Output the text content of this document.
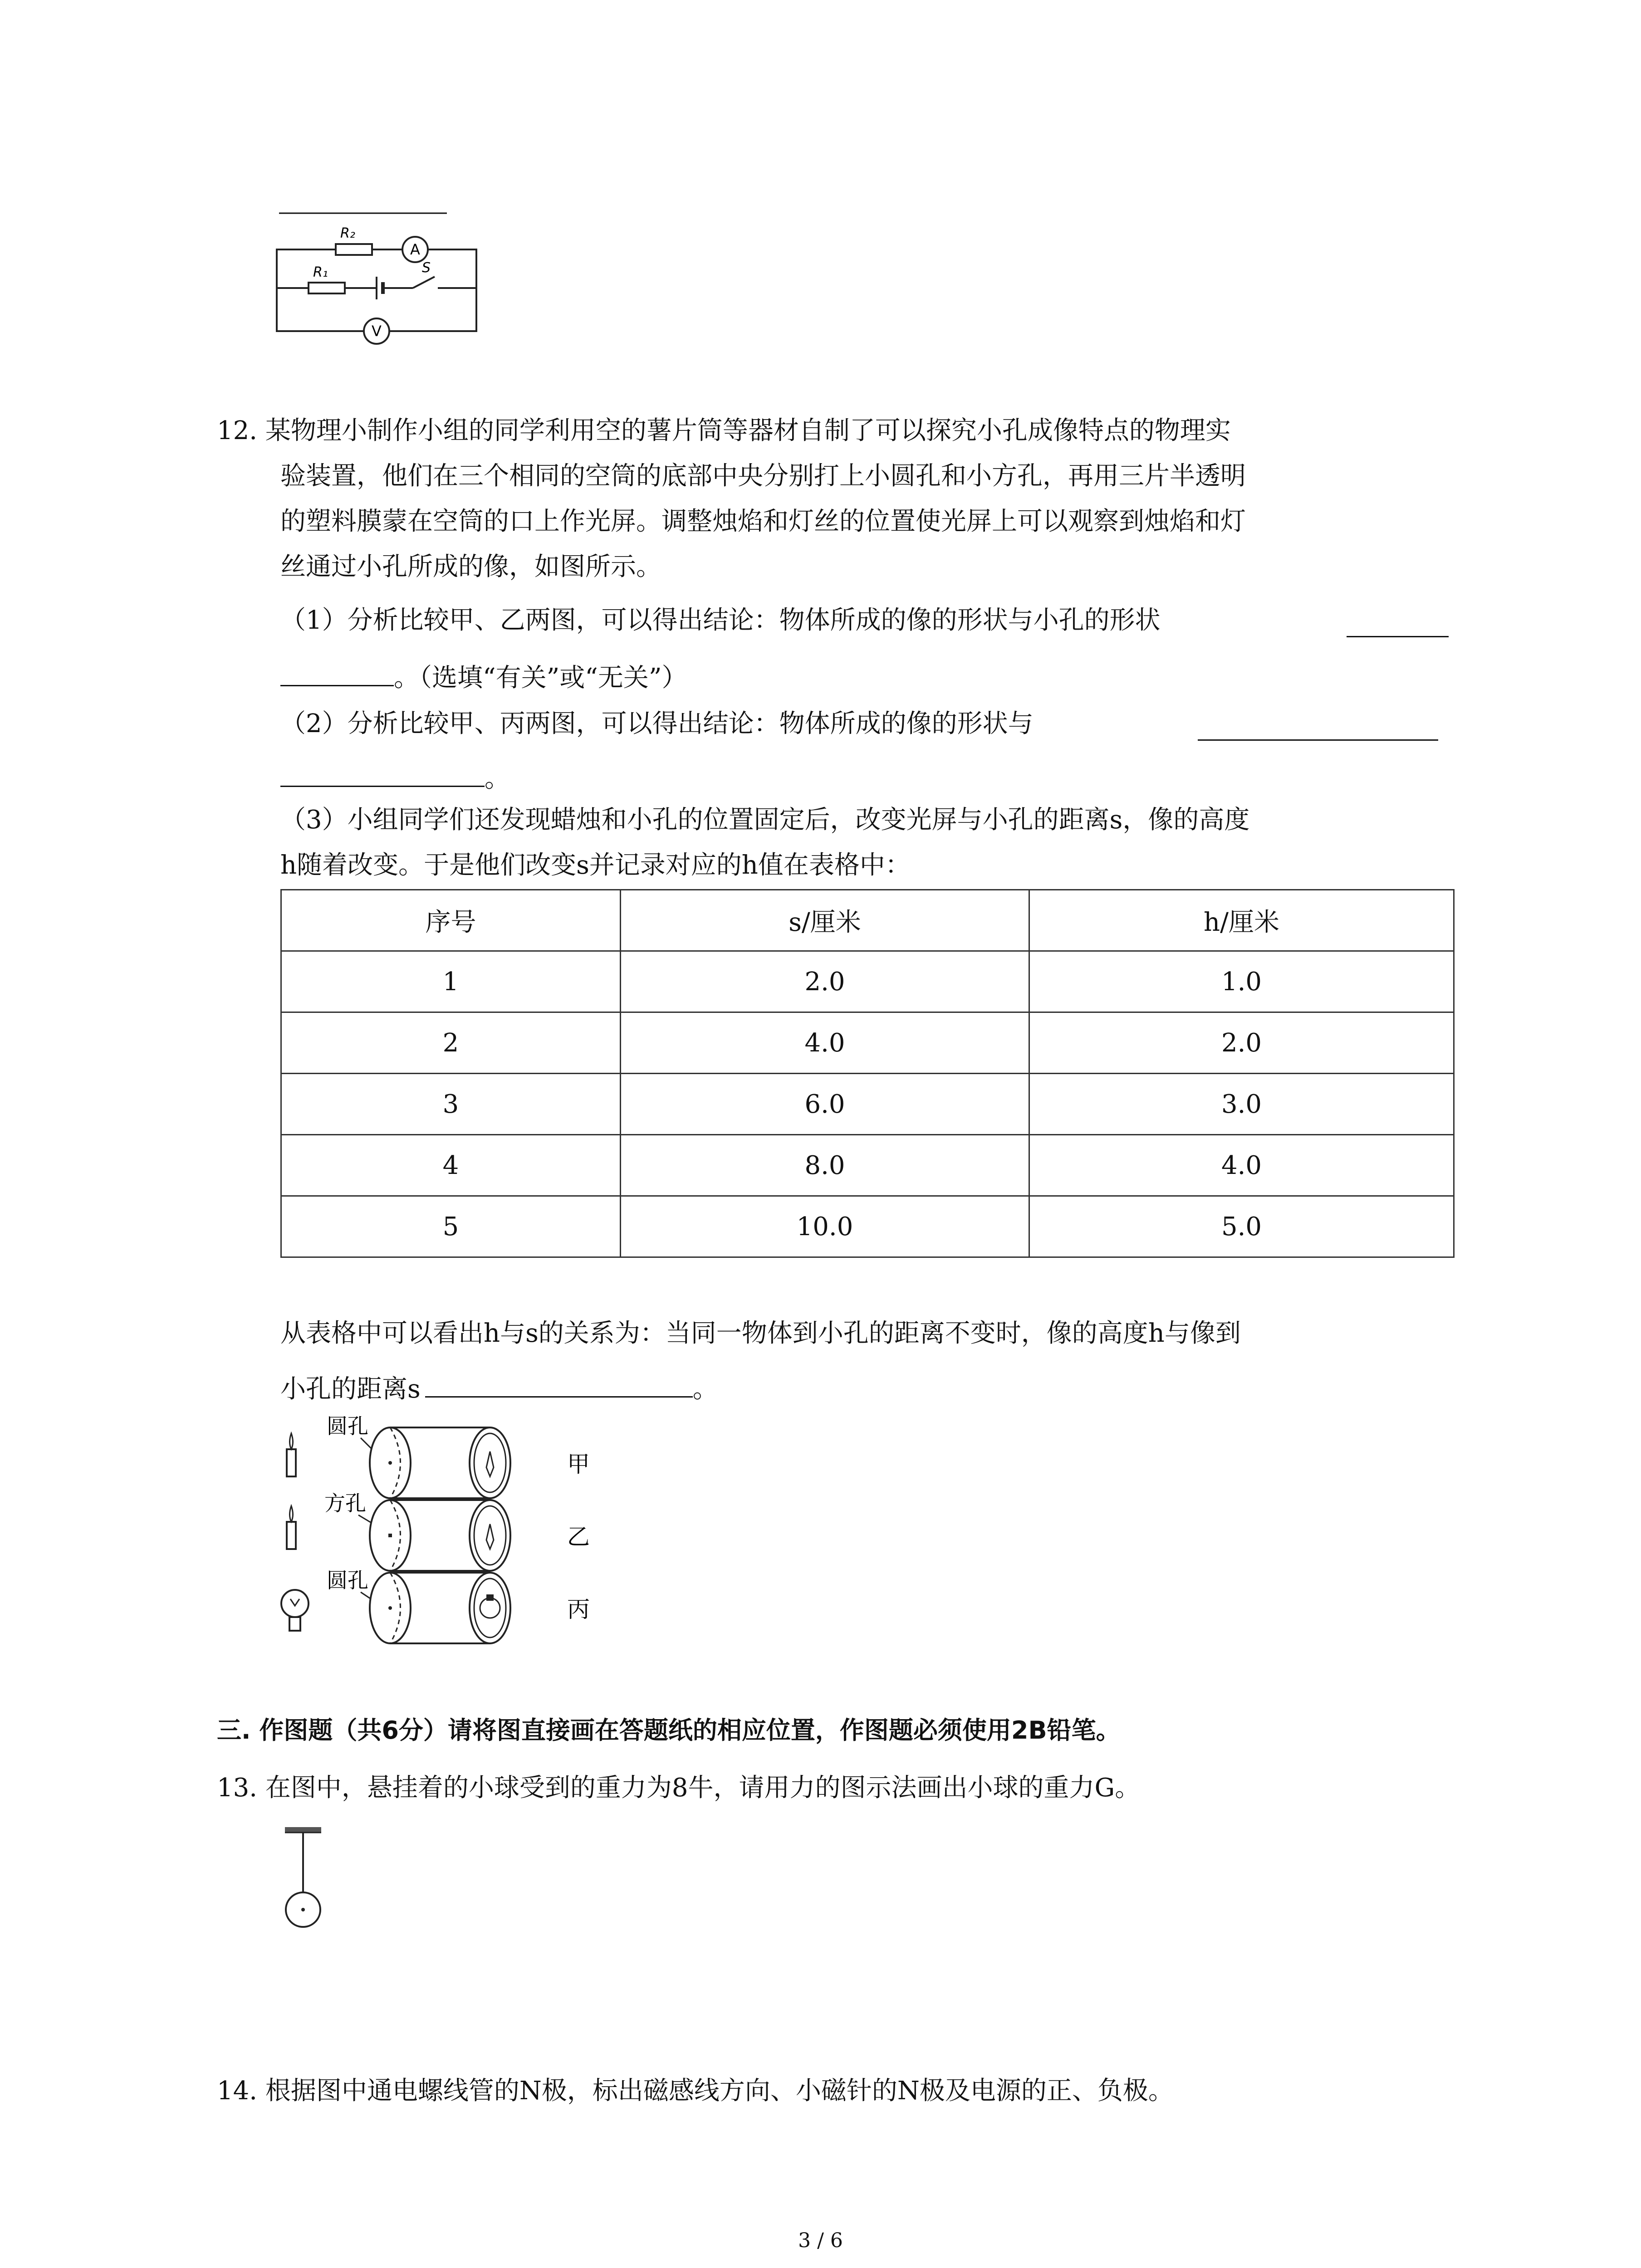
R₂
A
R₁	S
V
12. 某物理小制作小组的同学利用空的薯片筒等器材自制了可以探究小孔成像特点的物理实
验装置，他们在三个相同的空筒的底部中央分别打上小圆孔和小方孔，再用三片半透明
的塑料膜蒙在空筒的口上作光屏。调整烛焰和灯丝的位置使光屏上可以观察到烛焰和灯
丝通过小孔所成的像，如图所示。
（1）分析比较甲、乙两图，可以得出结论：物体所成的像的形状与小孔的形状
。（选填“有关”或“无关”）
（2）分析比较甲、丙两图，可以得出结论：物体所成的像的形状与
。
（3）小组同学们还发现蜡烛和小孔的位置固定后，改变光屏与小孔的距离s，像的高度
h随着改变。于是他们改变s并记录对应的h值在表格中：
序号	s/厘米	h/厘米
1	2.0	1.0
2	4.0	2.0
3	6.0	3.0
4	8.0	4.0
5	10.0	5.0
从表格中可以看出h与s的关系为：当同一物体到小孔的距离不变时，像的高度h与像到
小孔的距离s	。
圆孔
甲
方孔
乙
圆孔
丙
三. 作图题（共6分）请将图直接画在答题纸的相应位置，作图题必须使用2B铅笔。
13. 在图中，悬挂着的小球受到的重力为8牛，请用力的图示法画出小球的重力G。
14. 根据图中通电螺线管的N极，标出磁感线方向、小磁针的N极及电源的正、负极。
3 / 6
